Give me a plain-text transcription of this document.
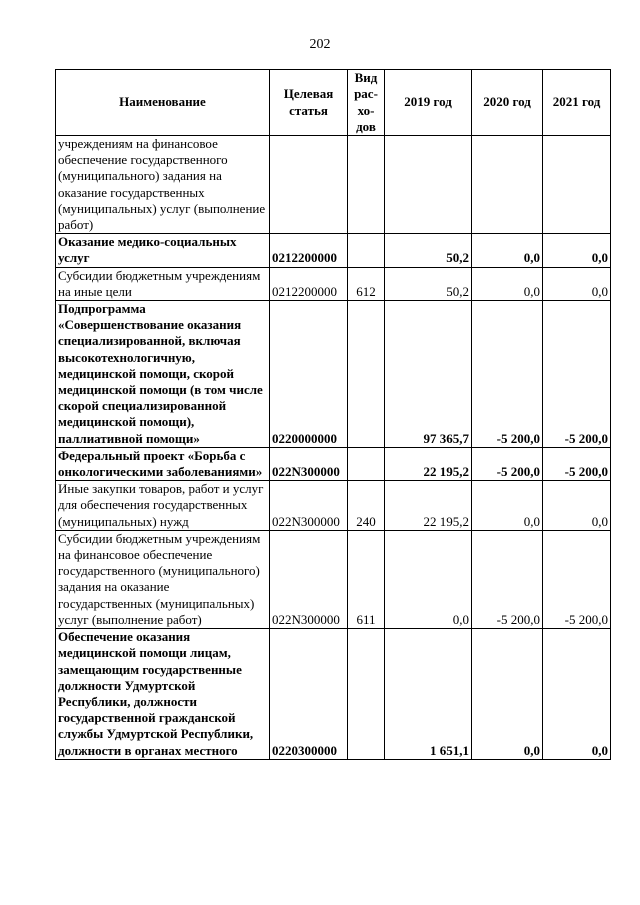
202
Наименование	Целевая статья	Вид рас-хо-дов	2019 год	2020 год	2021 год
учреждениям на финансовое обеспечение государственного (муниципального) задания на оказание государственных (муниципальных) услуг (выполнение работ)					
Оказание медико-социальных услуг	0212200000		50,2	0,0	0,0
Субсидии бюджетным учреждениям на иные цели	0212200000	612	50,2	0,0	0,0
Подпрограмма «Совершенствование оказания специализированной, включая высокотехнологичную, медицинской помощи, скорой медицинской помощи (в том числе скорой специализированной медицинской помощи), паллиативной помощи»	0220000000		97 365,7	-5 200,0	-5 200,0
Федеральный проект «Борьба с онкологическими заболеваниями»	022N300000		22 195,2	-5 200,0	-5 200,0
Иные закупки товаров, работ и услуг для обеспечения государственных (муниципальных) нужд	022N300000	240	22 195,2	0,0	0,0
Субсидии бюджетным учреждениям на финансовое обеспечение государственного (муниципального) задания на оказание государственных (муниципальных) услуг (выполнение работ)	022N300000	611	0,0	-5 200,0	-5 200,0
Обеспечение оказания медицинской помощи лицам, замещающим государственные должности Удмуртской Республики, должности государственной гражданской службы Удмуртской Республики, должности в органах местного	0220300000		1 651,1	0,0	0,0
